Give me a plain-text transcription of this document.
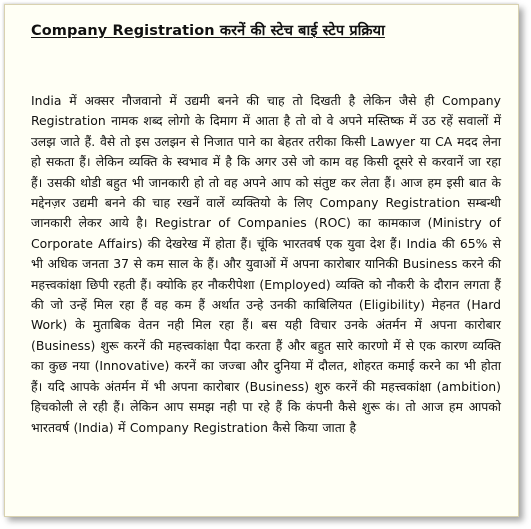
Company Registration करनें की स्टेच बाई स्टेप प्रक्रिया

India में अक्सर नौजवानो में उद्यमी बनने की चाह तो दिखती है लेकिन जैसे ही Company Registration नामक शब्द लोगो के दिमाग में आता है तो वो वे अपने मस्तिष्क में उठ रहें सवालों में उलझ जाते हैं. वैसे तो इस उलझन से निजात पाने का बेहतर तरीका किसी Lawyer या CA मदद लेना हो सकता हैं। लेकिन व्यक्ति के स्वभाव में है कि अगर उसे जो काम वह किसी दूसरे से करवानें जा रहा हैं। उसकी थोडी बहुत भी जानकारी हो तो वह अपने आप को संतुष्ट कर लेता हैं। आज हम इसी बात के मद्देनज़र उद्यमी बनने की चाह रखनें वालें व्यक्तियो के लिए Company Registration सम्बन्धी जानकारी लेकर आये है। Registrar of Companies (ROC) का कामकाज (Ministry of Corporate Affairs) की देखरेख में होता हैं। चूंकि भारतवर्ष एक युवा देश हैं। India की 65% से भी अधिक जनता 37 से कम साल के हैं। और युवाओं में अपना कारोबार यानिकी Business करने की महत्त्वकांक्षा छिपी रहती हैं। क्योकि हर नौकरीपेशा (Employed) व्यक्ति को नौकरी के दौरान लगता हैं की जो उन्हें मिल रहा हैं वह कम हैं अर्थात उन्हे उनकी काबिलियत (Eligibility) मेहनत (Hard Work) के मुताबिक वेतन नही मिल रहा हैं। बस यही विचार उनके अंतर्मन में अपना कारोबार (Business) शुरू करनें की महत्त्वकांक्षा पैदा करता हैं और बहुत सारे कारणो में से एक कारण व्यक्ति का कुछ नया (Innovative) करनें का जज्बा और दुनिया में दौलत, शोहरत कमाई करने का भी होता हैं। यदि आपके अंतर्मन में भी अपना कारोबार (Business) शुरु करनें की महत्त्वकांक्षा (ambition) हिचकोली ले रही हैं। लेकिन आप समझ नही पा रहे हैं कि कंपनी कैसे शुरू कं। तो आज हम आपको भारतवर्ष (India) में Company Registration कैसे किया जाता है
